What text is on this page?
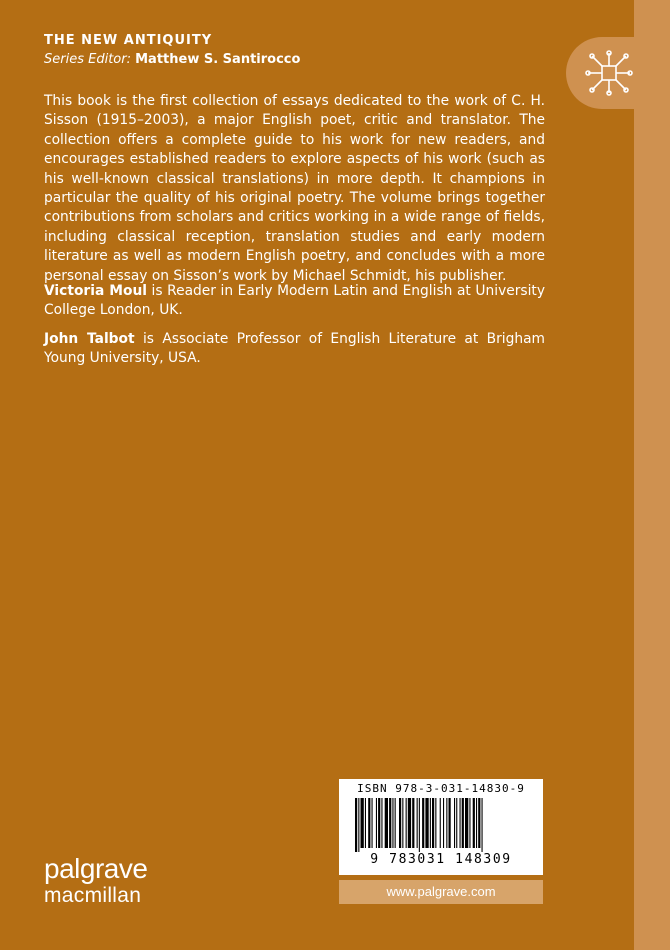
THE NEW ANTIQUITY
Series Editor: Matthew S. Santirocco

This book is the first collection of essays dedicated to the work of C. H. Sisson (1915–2003), a major English poet, critic and translator. The collection offers a complete guide to his work for new readers, and encourages established readers to explore aspects of his work (such as his well-known classical translations) in more depth. It champions in particular the quality of his original poetry. The volume brings together contributions from scholars and critics working in a wide range of fields, including classical reception, translation studies and early modern literature as well as modern English poetry, and concludes with a more personal essay on Sisson’s work by Michael Schmidt, his publisher.

Victoria Moul is Reader in Early Modern Latin and English at University College London, UK.

John Talbot is Associate Professor of English Literature at Brigham Young University, USA.

ISBN 978-3-031-14830-9
9 783031 148309
www.palgrave.com
palgrave
macmillan
